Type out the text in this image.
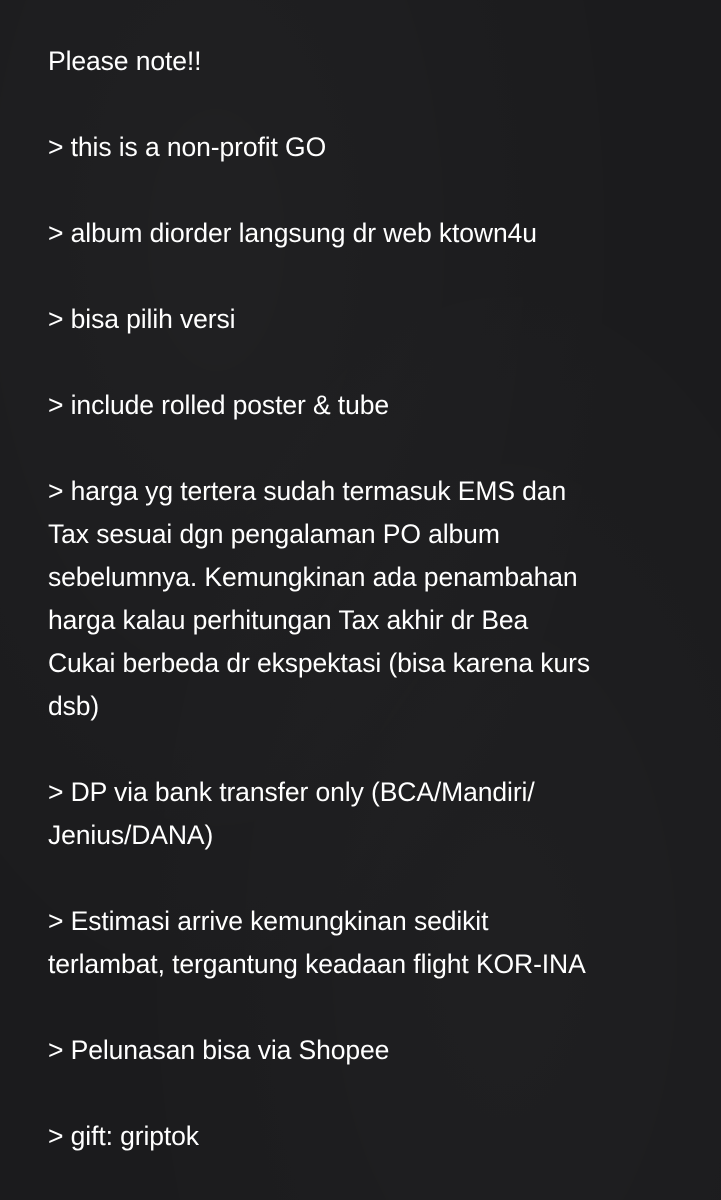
Please note!!

> this is a non-profit GO

> album diorder langsung dr web ktown4u

> bisa pilih versi

> include rolled poster & tube

> harga yg tertera sudah termasuk EMS dan
Tax sesuai dgn pengalaman PO album
sebelumnya. Kemungkinan ada penambahan
harga kalau perhitungan Tax akhir dr Bea
Cukai berbeda dr ekspektasi (bisa karena kurs
dsb)

> DP via bank transfer only (BCA/Mandiri/
Jenius/DANA)

> Estimasi arrive kemungkinan sedikit
terlambat, tergantung keadaan flight KOR-INA

> Pelunasan bisa via Shopee

> gift: griptok
